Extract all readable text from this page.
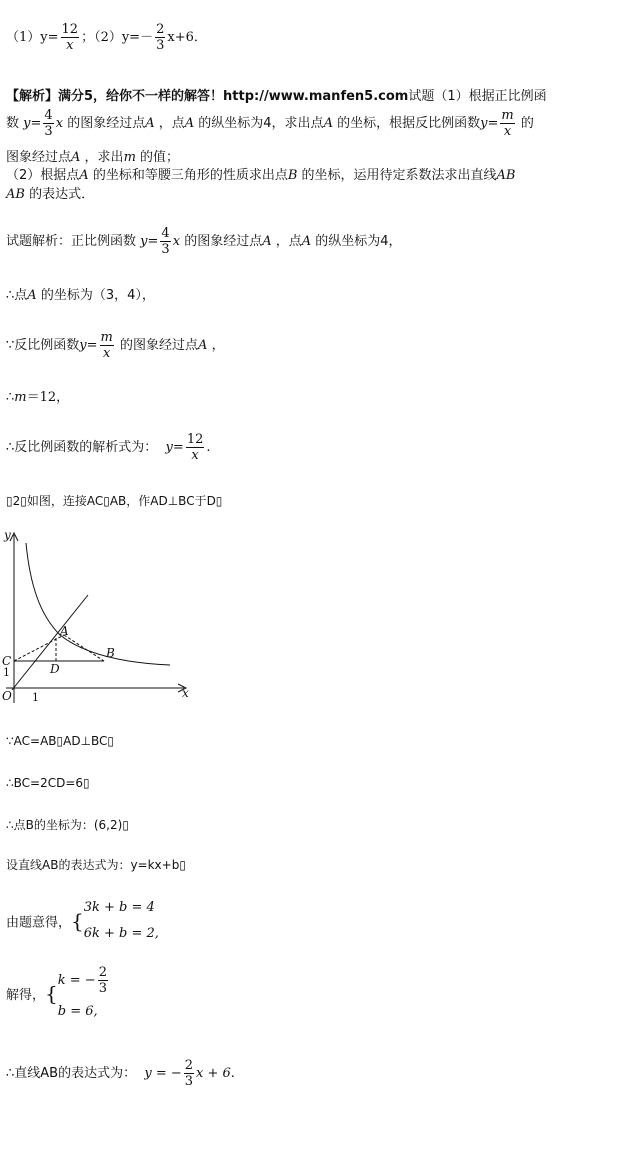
$(1)y= \frac{12}{x}$ ；$(2)y=- \frac{2}{3} x+6$．
【解析】满分5，给你不一样的解答！http://www.manfen5.com试题（1）根据正比例函
数 $y= \frac{4}{3}$ x 的图象经过点A ，点A 的纵坐标为4，求出点A 的坐标，根据反比例函数$y= \frac{m}{x}$ 的
图象经过点A ，求出m 的值；
（2）根据点A 的坐标和等腰三角形的性质求出点B 的坐标，运用待定系数法求出直线AB
AB 的表达式．
试题解析：正比例函数 $y= \frac{4}{3}$ x 的图象经过点A ，点A 的纵坐标为4，
∴点A 的坐标为（3，4），
∵反比例函数$y= \frac{m}{x}$ 的图象经过点A ，
∴m＝12，
∴反比例函数的解析式为： $y= \frac{12}{x}$ .
▯2▯如图，连接AC▯AB，作AD⊥BC于D▯
y
x
O
A
B
C
D
1
1
∵AC=AB▯AD⊥BC▯
∴BC=2CD=6▯
∴点B的坐标为：(6,2)▯
设直线AB的表达式为：y=kx+b▯
由题意得，{
3k + b = 4
6k + b = 2,
解得，{
k = − $\frac{2}{3}$
b = 6,
∴直线AB的表达式为： y = − $\frac{2}{3}$ x + 6.
